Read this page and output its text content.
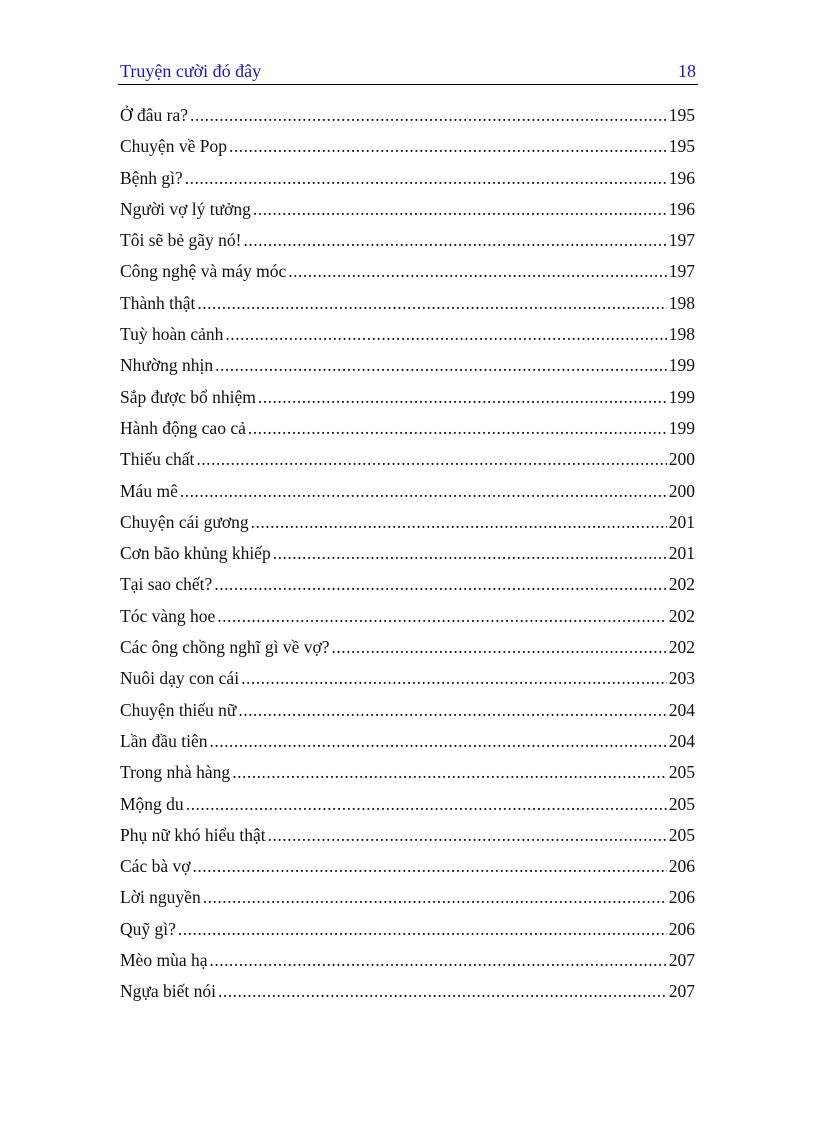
Truyện cười đó đây	18
Ở đâu ra? .....	195
Chuyện về Pop .....	195
Bệnh gì? .....	196
Người vợ lý tưởng .....	196
Tôi sẽ bẻ gãy nó! .....	197
Công nghệ và máy móc .....	197
Thành thật .....	198
Tuỳ hoàn cảnh .....	198
Nhường nhịn .....	199
Sắp được bổ nhiệm .....	199
Hành động cao cả .....	199
Thiếu chất .....	200
Máu mê .....	200
Chuyện cái gương .....	201
Cơn bão khủng khiếp .....	201
Tại sao chết? .....	202
Tóc vàng hoe .....	202
Các ông chồng nghĩ gì về vợ? .....	202
Nuôi dạy con cái .....	203
Chuyện thiếu nữ .....	204
Lần đầu tiên .....	204
Trong nhà hàng .....	205
Mộng du .....	205
Phụ nữ khó hiểu thật .....	205
Các bà vợ .....	206
Lời nguyền .....	206
Quỹ gì? .....	206
Mèo mùa hạ .....	207
Ngựa biết nói .....	207
